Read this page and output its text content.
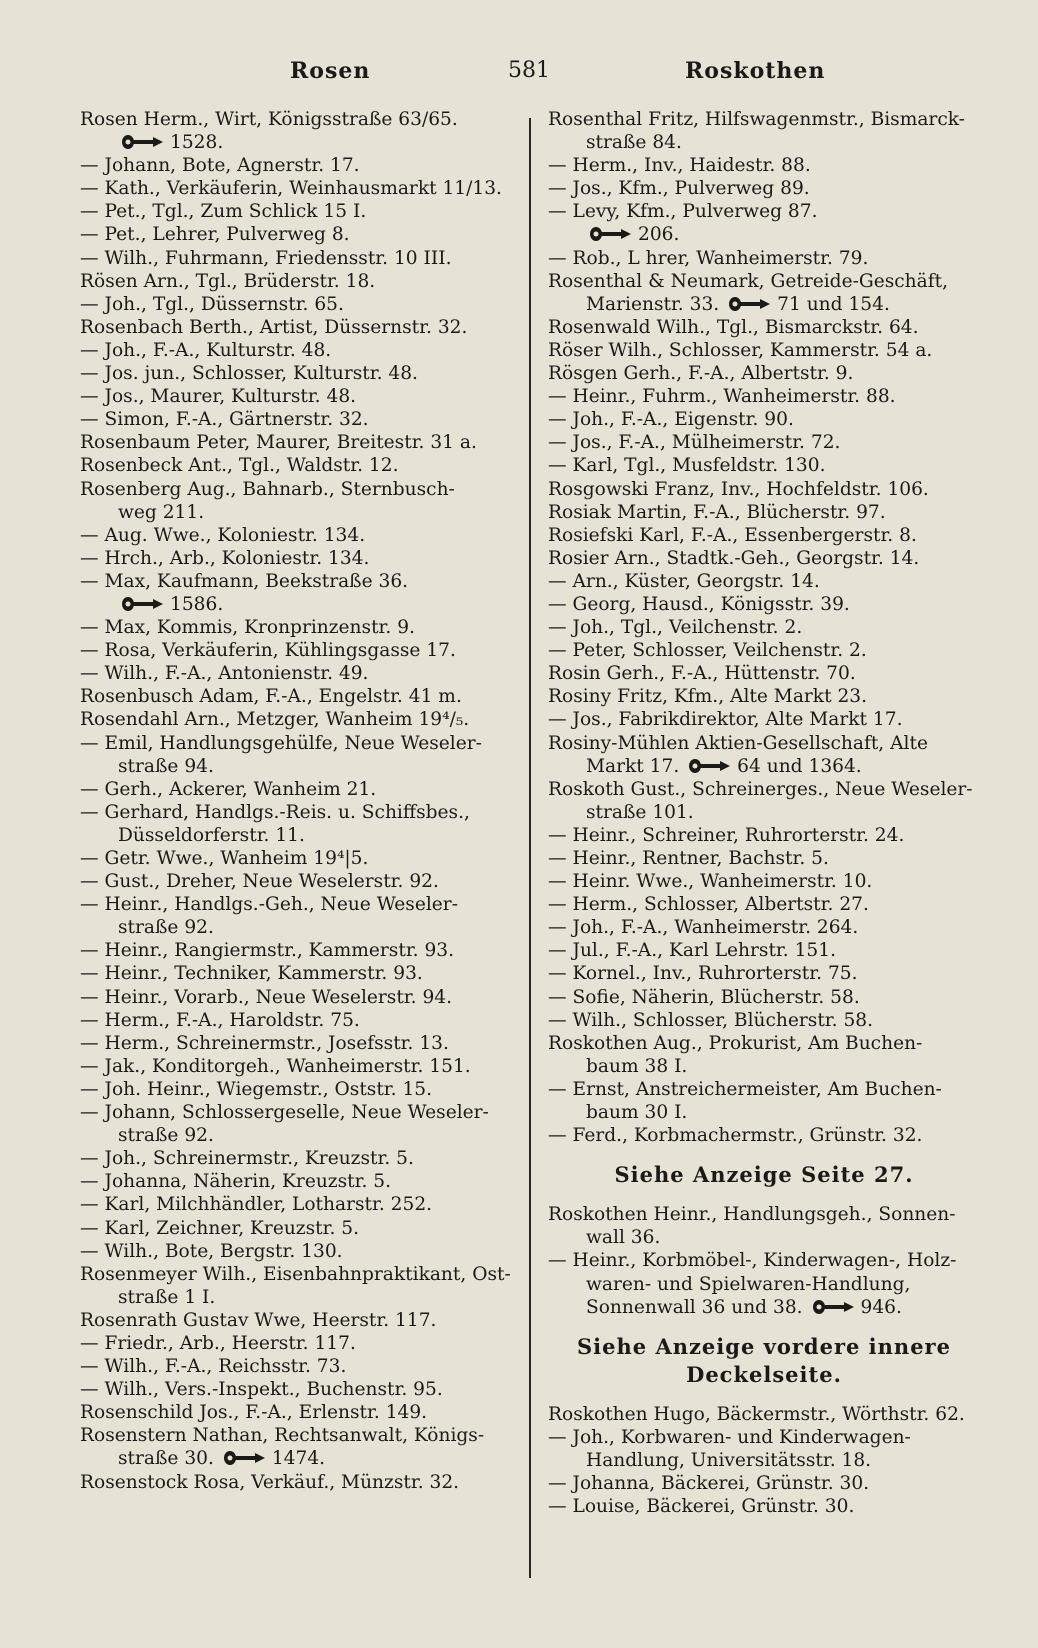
Rosen	581	Roskothen
Rosen Herm., Wirt, Königsstraße 63/65.
1528.
— Johann, Bote, Agnerstr. 17.
— Kath., Verkäuferin, Weinhausmarkt 11/13.
— Pet., Tgl., Zum Schlick 15 I.
— Pet., Lehrer, Pulverweg 8.
— Wilh., Fuhrmann, Friedensstr. 10 III.
Rösen Arn., Tgl., Brüderstr. 18.
— Joh., Tgl., Düssernstr. 65.
Rosenbach Berth., Artist, Düssernstr. 32.
— Joh., F.-A., Kulturstr. 48.
— Jos. jun., Schlosser, Kulturstr. 48.
— Jos., Maurer, Kulturstr. 48.
— Simon, F.-A., Gärtnerstr. 32.
Rosenbaum Peter, Maurer, Breitestr. 31 a.
Rosenbeck Ant., Tgl., Waldstr. 12.
Rosenberg Aug., Bahnarb., Sternbusch-
weg 211.
— Aug. Wwe., Koloniestr. 134.
— Hrch., Arb., Koloniestr. 134.
— Max, Kaufmann, Beekstraße 36.
1586.
— Max, Kommis, Kronprinzenstr. 9.
— Rosa, Verkäuferin, Kühlingsgasse 17.
— Wilh., F.-A., Antonienstr. 49.
Rosenbusch Adam, F.-A., Engelstr. 41 m.
Rosendahl Arn., Metzger, Wanheim 19⁴/₅.
— Emil, Handlungsgehülfe, Neue Weseler-
straße 94.
— Gerh., Ackerer, Wanheim 21.
— Gerhard, Handlgs.-Reis. u. Schiffsbes.,
Düsseldorferstr. 11.
— Getr. Wwe., Wanheim 19⁴|5.
— Gust., Dreher, Neue Weselerstr. 92.
— Heinr., Handlgs.-Geh., Neue Weseler-
straße 92.
— Heinr., Rangiermstr., Kammerstr. 93.
— Heinr., Techniker, Kammerstr. 93.
— Heinr., Vorarb., Neue Weselerstr. 94.
— Herm., F.-A., Haroldstr. 75.
— Herm., Schreinermstr., Josefsstr. 13.
— Jak., Konditorgeh., Wanheimerstr. 151.
— Joh. Heinr., Wiegemstr., Oststr. 15.
— Johann, Schlossergeselle, Neue Weseler-
straße 92.
— Joh., Schreinermstr., Kreuzstr. 5.
— Johanna, Näherin, Kreuzstr. 5.
— Karl, Milchhändler, Lotharstr. 252.
— Karl, Zeichner, Kreuzstr. 5.
— Wilh., Bote, Bergstr. 130.
Rosenmeyer Wilh., Eisenbahnpraktikant, Ost-
straße 1 I.
Rosenrath Gustav Wwe, Heerstr. 117.
— Friedr., Arb., Heerstr. 117.
— Wilh., F.-A., Reichsstr. 73.
— Wilh., Vers.-Inspekt., Buchenstr. 95.
Rosenschild Jos., F.-A., Erlenstr. 149.
Rosenstern Nathan, Rechtsanwalt, Königs-
straße 30.	1474.
Rosenstock Rosa, Verkäuf., Münzstr. 32.
Rosenthal Fritz, Hilfswagenmstr., Bismarck-
straße 84.
— Herm., Inv., Haidestr. 88.
— Jos., Kfm., Pulverweg 89.
— Levy, Kfm., Pulverweg 87.
206.
— Rob., L hrer, Wanheimerstr. 79.
Rosenthal & Neumark, Getreide-Geschäft,
Marienstr. 33.	71 und 154.
Rosenwald Wilh., Tgl., Bismarckstr. 64.
Röser Wilh., Schlosser, Kammerstr. 54 a.
Rösgen Gerh., F.-A., Albertstr. 9.
— Heinr., Fuhrm., Wanheimerstr. 88.
— Joh., F.-A., Eigenstr. 90.
— Jos., F.-A., Mülheimerstr. 72.
— Karl, Tgl., Musfeldstr. 130.
Rosgowski Franz, Inv., Hochfeldstr. 106.
Rosiak Martin, F.-A., Blücherstr. 97.
Rosiefski Karl, F.-A., Essenbergerstr. 8.
Rosier Arn., Stadtk.-Geh., Georgstr. 14.
— Arn., Küster, Georgstr. 14.
— Georg, Hausd., Königsstr. 39.
— Joh., Tgl., Veilchenstr. 2.
— Peter, Schlosser, Veilchenstr. 2.
Rosin Gerh., F.-A., Hüttenstr. 70.
Rosiny Fritz, Kfm., Alte Markt 23.
— Jos., Fabrikdirektor, Alte Markt 17.
Rosiny-Mühlen Aktien-Gesellschaft, Alte
Markt 17.	64 und 1364.
Roskoth Gust., Schreinerges., Neue Weseler-
straße 101.
— Heinr., Schreiner, Ruhrorterstr. 24.
— Heinr., Rentner, Bachstr. 5.
— Heinr. Wwe., Wanheimerstr. 10.
— Herm., Schlosser, Albertstr. 27.
— Joh., F.-A., Wanheimerstr. 264.
— Jul., F.-A., Karl Lehrstr. 151.
— Kornel., Inv., Ruhrorterstr. 75.
— Sofie, Näherin, Blücherstr. 58.
— Wilh., Schlosser, Blücherstr. 58.
Roskothen Aug., Prokurist, Am Buchen-
baum 38 I.
— Ernst, Anstreichermeister, Am Buchen-
baum 30 I.
— Ferd., Korbmachermstr., Grünstr. 32.
Siehe Anzeige Seite 27.
Roskothen Heinr., Handlungsgeh., Sonnen-
wall 36.
— Heinr., Korbmöbel-, Kinderwagen-, Holz-
waren- und Spielwaren-Handlung,
Sonnenwall 36 und 38.	946.
Siehe Anzeige vordere innere Deckelseite.
Roskothen Hugo, Bäckermstr., Wörthstr. 62.
— Joh., Korbwaren- und Kinderwagen-
Handlung, Universitätsstr. 18.
— Johanna, Bäckerei, Grünstr. 30.
— Louise, Bäckerei, Grünstr. 30.
